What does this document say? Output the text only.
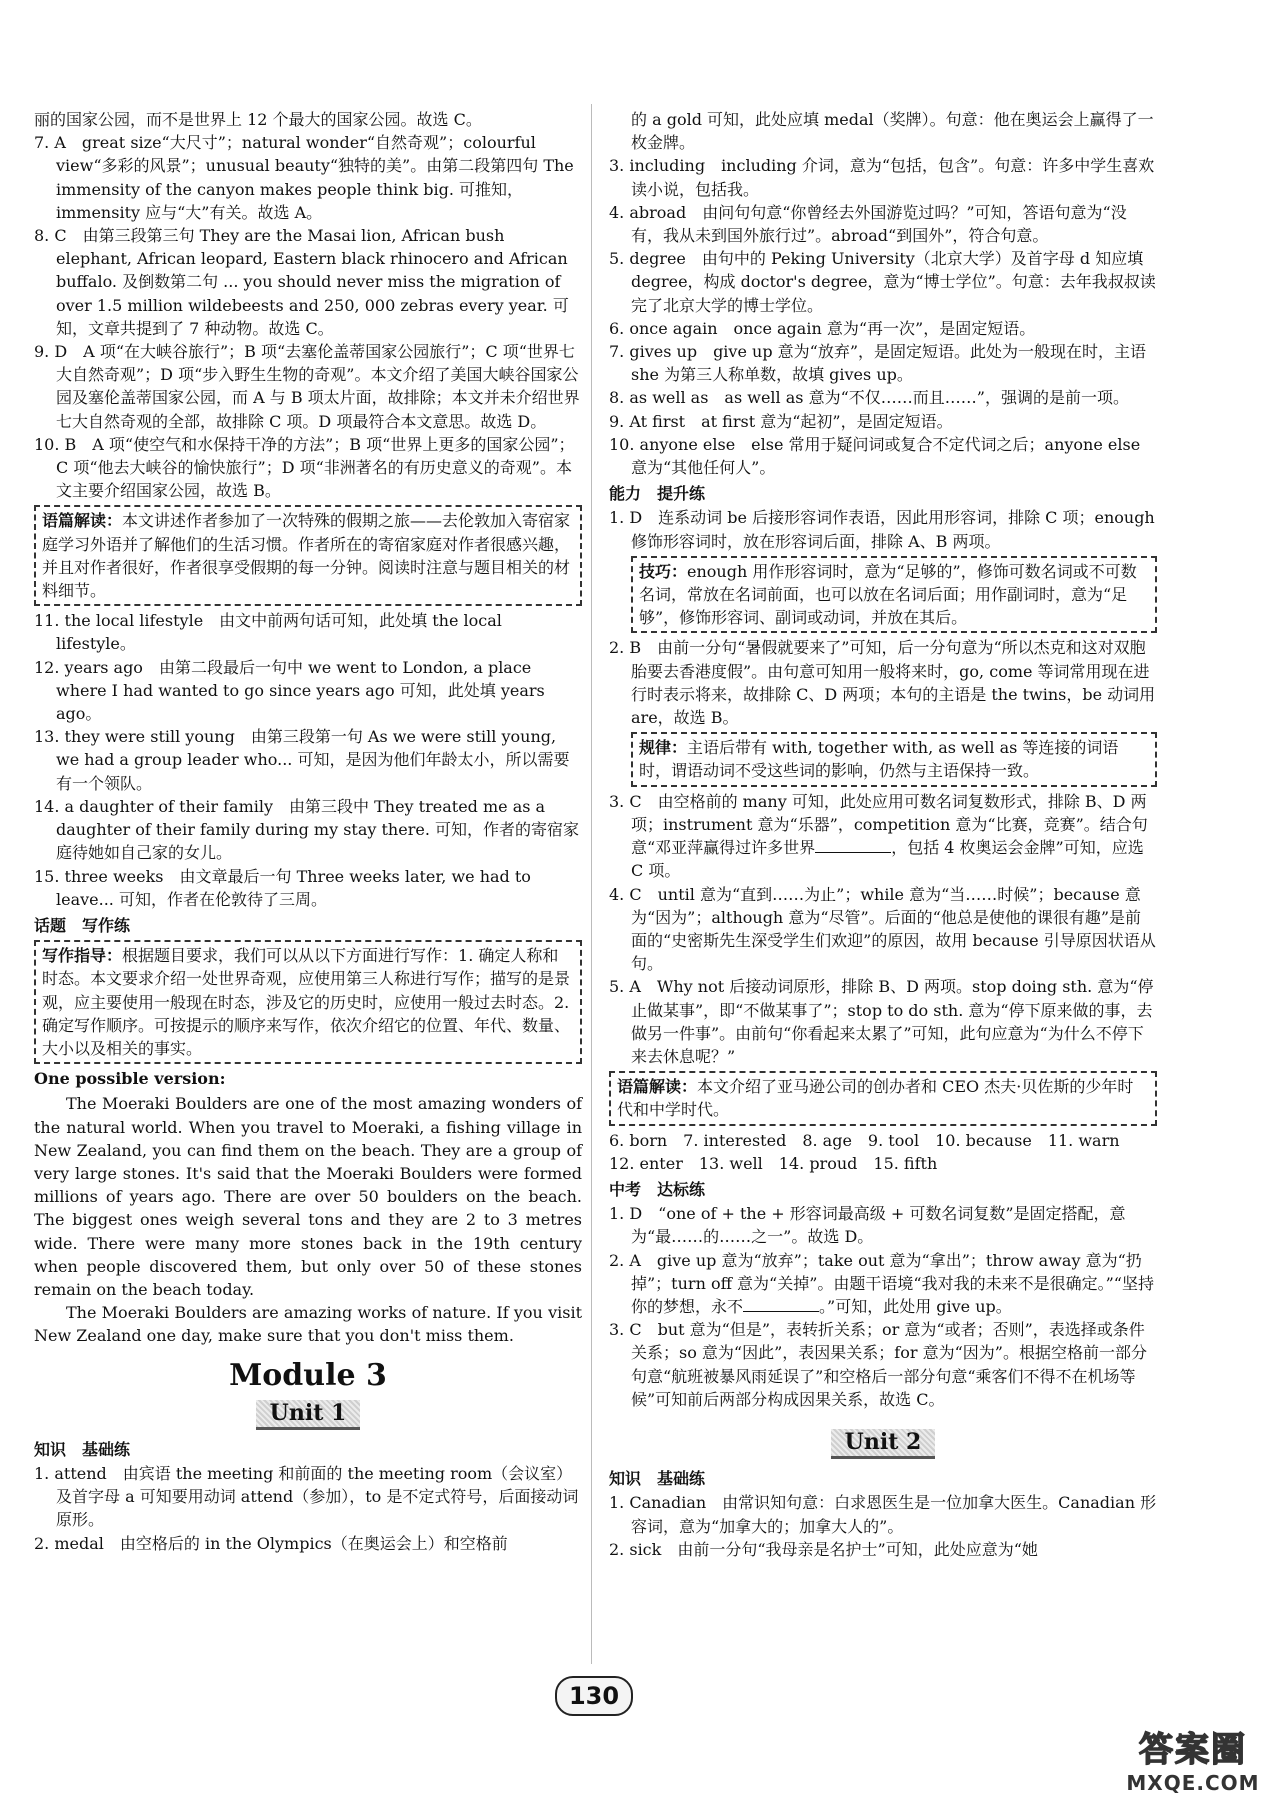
丽的国家公园，而不是世界上 12 个最大的国家公园。故选 C。

7. A　great size“大尺寸”；natural wonder“自然奇观”；colourful view“多彩的风景”；unusual beauty“独特的美”。由第二段第四句 The immensity of the canyon makes people think big. 可推知，immensity 应与“大”有关。故选 A。

8. C　由第三段第三句 They are the Masai lion, African bush elephant, African leopard, Eastern black rhinocero and African buffalo. 及倒数第二句 ... you should never miss the migration of over 1.5 million wildebeests and 250, 000 zebras every year. 可知，文章共提到了 7 种动物。故选 C。

9. D　A 项“在大峡谷旅行”；B 项“去塞伦盖蒂国家公园旅行”；C 项“世界七大自然奇观”；D 项“步入野生生物的奇观”。本文介绍了美国大峡谷国家公园及塞伦盖蒂国家公园，而 A 与 B 项太片面，故排除；本文并未介绍世界七大自然奇观的全部，故排除 C 项。D 项最符合本文意思。故选 D。

10. B　A 项“使空气和水保持干净的方法”；B 项“世界上更多的国家公园”；C 项“他去大峡谷的愉快旅行”；D 项“非洲著名的有历史意义的奇观”。本文主要介绍国家公园，故选 B。

语篇解读：本文讲述作者参加了一次特殊的假期之旅——去伦敦加入寄宿家庭学习外语并了解他们的生活习惯。作者所在的寄宿家庭对作者很感兴趣，并且对作者很好，作者很享受假期的每一分钟。阅读时注意与题目相关的材料细节。

11. the local lifestyle　由文中前两句话可知，此处填 the local lifestyle。

12. years ago　由第二段最后一句中 we went to London, a place where I had wanted to go since years ago 可知，此处填 years ago。

13. they were still young　由第三段第一句 As we were still young, we had a group leader who... 可知，是因为他们年龄太小，所以需要有一个领队。

14. a daughter of their family　由第三段中 They treated me as a daughter of their family during my stay there. 可知，作者的寄宿家庭待她如自己家的女儿。

15. three weeks　由文章最后一句 Three weeks later, we had to leave... 可知，作者在伦敦待了三周。

话题　写作练
写作指导：根据题目要求，我们可以从以下方面进行写作：1. 确定人称和时态。本文要求介绍一处世界奇观，应使用第三人称进行写作；描写的是景观，应主要使用一般现在时态，涉及它的历史时，应使用一般过去时态。2. 确定写作顺序。可按提示的顺序来写作，依次介绍它的位置、年代、数量、大小以及相关的事实。
One possible version:

The Moeraki Boulders are one of the most amazing wonders of the natural world. When you travel to Moeraki, a fishing village in New Zealand, you can find them on the beach. They are a group of very large stones. It's said that the Moeraki Boulders were formed millions of years ago. There are over 50 boulders on the beach. The biggest ones weigh several tons and they are 2 to 3 metres wide. There were many more stones back in the 19th century when people discovered them, but only over 50 of these stones remain on the beach today.

The Moeraki Boulders are amazing works of nature. If you visit New Zealand one day, make sure that you don't miss them.

Module 3
Unit 1
知识　基础练

1. attend　由宾语 the meeting 和前面的 the meeting room（会议室）及首字母 a 可知要用动词 attend（参加），to 是不定式符号，后面接动词原形。

2. medal　由空格后的 in the Olympics（在奥运会上）和空格前

的 a gold 可知，此处应填 medal（奖牌）。句意：他在奥运会上赢得了一枚金牌。

3. including　including 介词，意为“包括，包含”。句意：许多中学生喜欢读小说，包括我。

4. abroad　由问句句意“你曾经去外国游览过吗？”可知，答语句意为“没有，我从未到国外旅行过”。abroad“到国外”，符合句意。

5. degree　由句中的 Peking University（北京大学）及首字母 d 知应填 degree，构成 doctor's degree，意为“博士学位”。句意：去年我叔叔读完了北京大学的博士学位。

6. once again　once again 意为“再一次”，是固定短语。

7. gives up　give up 意为“放弃”，是固定短语。此处为一般现在时，主语 she 为第三人称单数，故填 gives up。

8. as well as　as well as 意为“不仅……而且……”，强调的是前一项。

9. At first　at first 意为“起初”，是固定短语。

10. anyone else　else 常用于疑问词或复合不定代词之后；anyone else 意为“其他任何人”。

能力　提升练

1. D　连系动词 be 后接形容词作表语，因此用形容词，排除 C 项；enough 修饰形容词时，放在形容词后面，排除 A、B 两项。

技巧：enough 用作形容词时，意为“足够的”，修饰可数名词或不可数名词，常放在名词前面，也可以放在名词后面；用作副词时，意为“足够”，修饰形容词、副词或动词，并放在其后。

2. B　由前一分句“暑假就要来了”可知，后一分句意为“所以杰克和这对双胞胎要去香港度假”。由句意可知用一般将来时，go, come 等词常用现在进行时表示将来，故排除 C、D 两项；本句的主语是 the twins，be 动词用 are，故选 B。

规律：主语后带有 with, together with, as well as 等连接的词语时，谓语动词不受这些词的影响，仍然与主语保持一致。

3. C　由空格前的 many 可知，此处应用可数名词复数形式，排除 B、D 两项；instrument 意为“乐器”，competition 意为“比赛，竞赛”。结合句意“邓亚萍赢得过许多世界	，包括 4 枚奥运会金牌”可知，应选 C 项。

4. C　until 意为“直到……为止”；while 意为“当……时候”；because 意为“因为”；although 意为“尽管”。后面的“他总是使他的课很有趣”是前面的“史密斯先生深受学生们欢迎”的原因，故用 because 引导原因状语从句。

5. A　Why not 后接动词原形，排除 B、D 两项。stop doing sth. 意为“停止做某事”，即“不做某事了”；stop to do sth. 意为“停下原来做的事，去做另一件事”。由前句“你看起来太累了”可知，此句应意为“为什么不停下来去休息呢？”

语篇解读：本文介绍了亚马逊公司的创办者和 CEO 杰夫·贝佐斯的少年时代和中学时代。

6. born　7. interested　8. age　9. tool　10. because　11. warn

12. enter　13. well　14. proud　15. fifth

中考　达标练

1. D　“one of + the + 形容词最高级 + 可数名词复数”是固定搭配，意为“最……的……之一”。故选 D。

2. A　give up 意为“放弃”；take out 意为“拿出”；throw away 意为“扔掉”；turn off 意为“关掉”。由题干语境“我对我的未来不是很确定。”“坚持你的梦想，永不	。”可知，此处用 give up。

3. C　but 意为“但是”，表转折关系；or 意为“或者；否则”，表选择或条件关系；so 意为“因此”，表因果关系；for 意为“因为”。根据空格前一部分句意“航班被暴风雨延误了”和空格后一部分句意“乘客们不得不在机场等候”可知前后两部分构成因果关系，故选 C。

Unit 2
知识　基础练

1. Canadian　由常识知句意：白求恩医生是一位加拿大医生。Canadian 形容词，意为“加拿大的；加拿大人的”。

2. sick　由前一分句“我母亲是名护士”可知，此处应意为“她

130
答案圈
MXQE.COM
